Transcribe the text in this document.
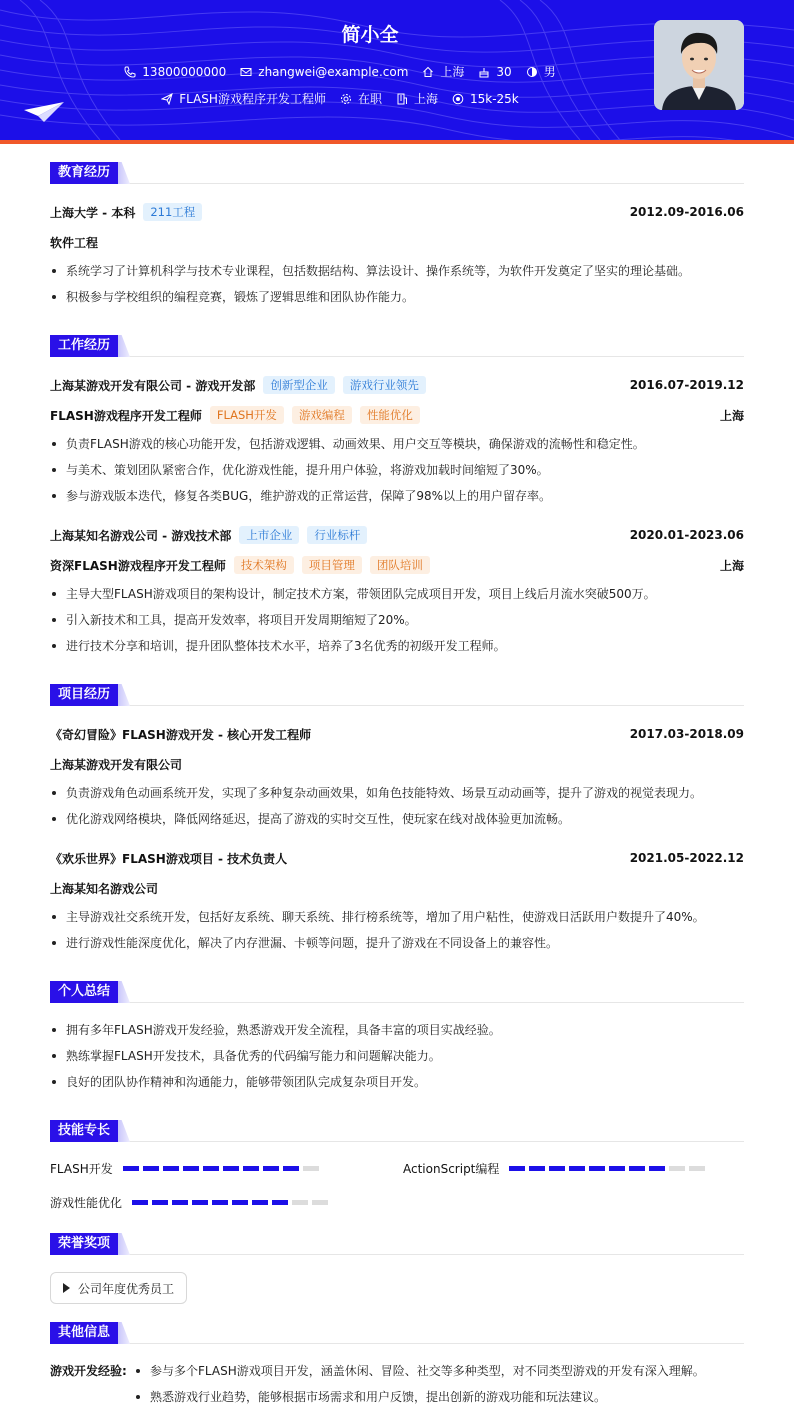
简小全
13800000000	zhangwei@example.com	上海	30	男
FLASH游戏程序开发工程师	在职	上海	15k-25k
教育经历
上海大学 - 本科	211工程	2012.09-2016.06
软件工程
系统学习了计算机科学与技术专业课程，包括数据结构、算法设计、操作系统等，为软件开发奠定了坚实的理论基础。
积极参与学校组织的编程竞赛，锻炼了逻辑思维和团队协作能力。
工作经历
上海某游戏开发有限公司 - 游戏开发部	创新型企业	游戏行业领先	2016.07-2019.12
FLASH游戏程序开发工程师	FLASH开发	游戏编程	性能优化	上海
负责FLASH游戏的核心功能开发，包括游戏逻辑、动画效果、用户交互等模块，确保游戏的流畅性和稳定性。
与美术、策划团队紧密合作，优化游戏性能，提升用户体验，将游戏加载时间缩短了30%。
参与游戏版本迭代，修复各类BUG，维护游戏的正常运营，保障了98%以上的用户留存率。
上海某知名游戏公司 - 游戏技术部	上市企业	行业标杆	2020.01-2023.06
资深FLASH游戏程序开发工程师	技术架构	项目管理	团队培训	上海
主导大型FLASH游戏项目的架构设计，制定技术方案，带领团队完成项目开发，项目上线后月流水突破500万。
引入新技术和工具，提高开发效率，将项目开发周期缩短了20%。
进行技术分享和培训，提升团队整体技术水平，培养了3名优秀的初级开发工程师。
项目经历
《奇幻冒险》FLASH游戏开发 - 核心开发工程师	2017.03-2018.09
上海某游戏开发有限公司
负责游戏角色动画系统开发，实现了多种复杂动画效果，如角色技能特效、场景互动动画等，提升了游戏的视觉表现力。
优化游戏网络模块，降低网络延迟，提高了游戏的实时交互性，使玩家在线对战体验更加流畅。
《欢乐世界》FLASH游戏项目 - 技术负责人	2021.05-2022.12
上海某知名游戏公司
主导游戏社交系统开发，包括好友系统、聊天系统、排行榜系统等，增加了用户粘性，使游戏日活跃用户数提升了40%。
进行游戏性能深度优化，解决了内存泄漏、卡顿等问题，提升了游戏在不同设备上的兼容性。
个人总结
拥有多年FLASH游戏开发经验，熟悉游戏开发全流程，具备丰富的项目实战经验。
熟练掌握FLASH开发技术，具备优秀的代码编写能力和问题解决能力。
良好的团队协作精神和沟通能力，能够带领团队完成复杂项目开发。
技能专长
FLASH开发	ActionScript编程
游戏性能优化
荣誉奖项
公司年度优秀员工
其他信息
游戏开发经验:	参与多个FLASH游戏项目开发，涵盖休闲、冒险、社交等多种类型，对不同类型游戏的开发有深入理解。
熟悉游戏行业趋势，能够根据市场需求和用户反馈，提出创新的游戏功能和玩法建议。
